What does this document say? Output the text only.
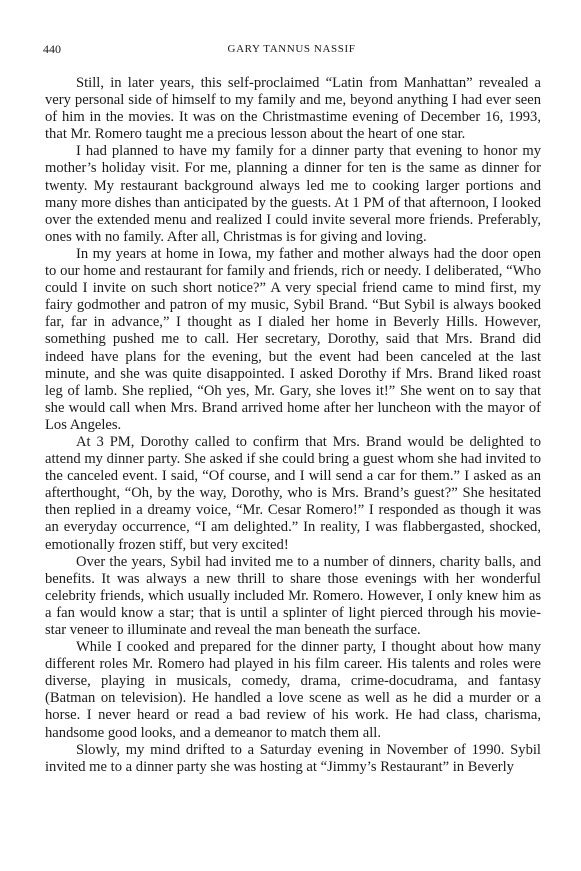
440	GARY TANNUS NASSIF

Still, in later years, this self-proclaimed “Latin from Manhattan” revealed a very personal side of himself to my family and me, beyond anything I had ever seen of him in the movies. It was on the Christmastime evening of December 16, 1993, that Mr. Romero taught me a precious lesson about the heart of one star.

I had planned to have my family for a dinner party that evening to honor my mother’s holiday visit. For me, planning a dinner for ten is the same as dinner for twenty. My restaurant background always led me to cooking larger portions and many more dishes than anticipated by the guests. At 1 PM of that afternoon, I looked over the extended menu and realized I could invite several more friends. Preferably, ones with no family. After all, Christmas is for giving and loving.

In my years at home in Iowa, my father and mother always had the door open to our home and restaurant for family and friends, rich or needy. I deliberated, “Who could I invite on such short notice?” A very special friend came to mind first, my fairy godmother and patron of my music, Sybil Brand. “But Sybil is always booked far, far in advance,” I thought as I dialed her home in Beverly Hills. However, something pushed me to call. Her secretary, Dorothy, said that Mrs. Brand did indeed have plans for the evening, but the event had been canceled at the last minute, and she was quite disappointed. I asked Dorothy if Mrs. Brand liked roast leg of lamb. She replied, “Oh yes, Mr. Gary, she loves it!” She went on to say that she would call when Mrs. Brand arrived home after her luncheon with the mayor of Los Angeles.

At 3 PM, Dorothy called to confirm that Mrs. Brand would be delighted to attend my dinner party. She asked if she could bring a guest whom she had invited to the canceled event. I said, “Of course, and I will send a car for them.” I asked as an afterthought, “Oh, by the way, Dorothy, who is Mrs. Brand’s guest?” She hesitated then replied in a dreamy voice, “Mr. Cesar Romero!” I responded as though it was an everyday occurrence, “I am delighted.” In reality, I was flabbergasted, shocked, emotionally frozen stiff, but very excited!

Over the years, Sybil had invited me to a number of dinners, charity balls, and benefits. It was always a new thrill to share those evenings with her wonderful celebrity friends, which usually included Mr. Romero. However, I only knew him as a fan would know a star; that is until a splinter of light pierced through his movie-star veneer to illuminate and reveal the man beneath the surface.

While I cooked and prepared for the dinner party, I thought about how many different roles Mr. Romero had played in his film career. His talents and roles were diverse, playing in musicals, comedy, drama, crime-docudrama, and fantasy (Batman on television). He handled a love scene as well as he did a murder or a horse. I never heard or read a bad review of his work. He had class, charisma, handsome good looks, and a demeanor to match them all.

Slowly, my mind drifted to a Saturday evening in November of 1990. Sybil invited me to a dinner party she was hosting at “Jimmy’s Restaurant” in Beverly
